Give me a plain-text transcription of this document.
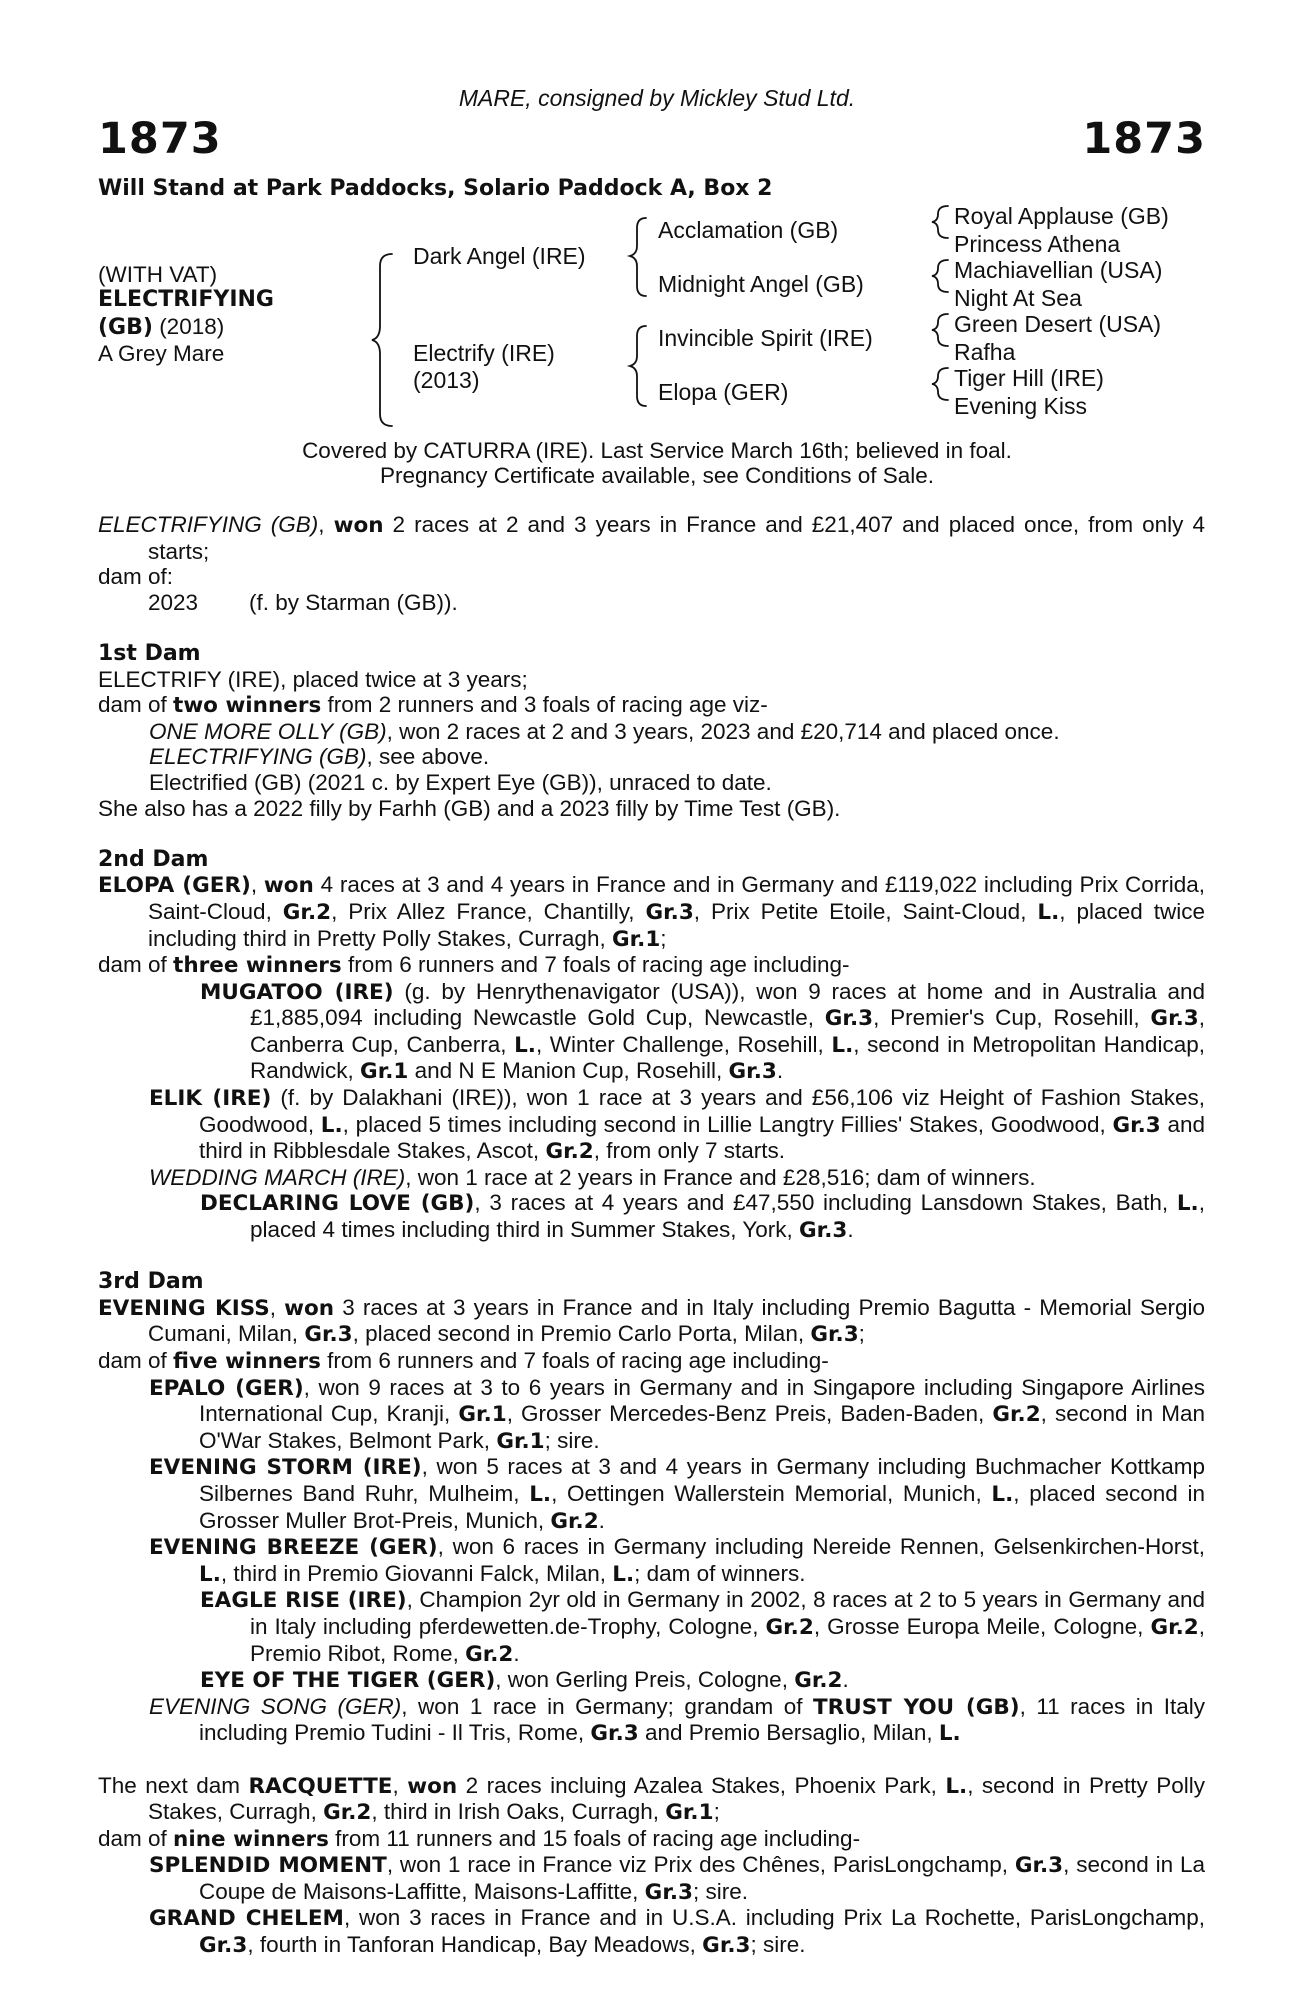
MARE, consigned by Mickley Stud Ltd.
1873	1873
Will Stand at Park Paddocks, Solario Paddock A, Box 2
(WITH VAT)
ELECTRIFYING
(GB) (2018)
A Grey Mare
Dark Angel (IRE)
Electrify (IRE)
(2013)
Acclamation (GB)
Midnight Angel (GB)
Invincible Spirit (IRE)
Elopa (GER)
Royal Applause (GB)
Princess Athena
Machiavellian (USA)
Night At Sea
Green Desert (USA)
Rafha
Tiger Hill (IRE)
Evening Kiss
Covered by CATURRA (IRE). Last Service March 16th; believed in foal.
Pregnancy Certificate available, see Conditions of Sale.

ELECTRIFYING (GB), won 2 races at 2 and 3 years in France and £21,407 and placed once, from only 4 starts;

dam of:

2023 (f. by Starman (GB)).

1st Dam

ELECTRIFY (IRE), placed twice at 3 years;

dam of two winners from 2 runners and 3 foals of racing age viz-

ONE MORE OLLY (GB), won 2 races at 2 and 3 years, 2023 and £20,714 and placed once.

ELECTRIFYING (GB), see above.

Electrified (GB) (2021 c. by Expert Eye (GB)), unraced to date.

She also has a 2022 filly by Farhh (GB) and a 2023 filly by Time Test (GB).

2nd Dam

ELOPA (GER), won 4 races at 3 and 4 years in France and in Germany and £119,022 including Prix Corrida, Saint-Cloud, Gr.2, Prix Allez France, Chantilly, Gr.3, Prix Petite Etoile, Saint-Cloud, L., placed twice including third in Pretty Polly Stakes, Curragh, Gr.1;

dam of three winners from 6 runners and 7 foals of racing age including-

MUGATOO (IRE) (g. by Henrythenavigator (USA)), won 9 races at home and in Australia and £1,885,094 including Newcastle Gold Cup, Newcastle, Gr.3, Premier's Cup, Rosehill, Gr.3, Canberra Cup, Canberra, L., Winter Challenge, Rosehill, L., second in Metropolitan Handicap, Randwick, Gr.1 and N E Manion Cup, Rosehill, Gr.3.

ELIK (IRE) (f. by Dalakhani (IRE)), won 1 race at 3 years and £56,106 viz Height of Fashion Stakes, Goodwood, L., placed 5 times including second in Lillie Langtry Fillies' Stakes, Goodwood, Gr.3 and third in Ribblesdale Stakes, Ascot, Gr.2, from only 7 starts.

WEDDING MARCH (IRE), won 1 race at 2 years in France and £28,516; dam of winners.

DECLARING LOVE (GB), 3 races at 4 years and £47,550 including Lansdown Stakes, Bath, L., placed 4 times including third in Summer Stakes, York, Gr.3.

3rd Dam

EVENING KISS, won 3 races at 3 years in France and in Italy including Premio Bagutta - Memorial Sergio Cumani, Milan, Gr.3, placed second in Premio Carlo Porta, Milan, Gr.3;

dam of five winners from 6 runners and 7 foals of racing age including-

EPALO (GER), won 9 races at 3 to 6 years in Germany and in Singapore including Singapore Airlines International Cup, Kranji, Gr.1, Grosser Mercedes-Benz Preis, Baden-Baden, Gr.2, second in Man O'War Stakes, Belmont Park, Gr.1; sire.

EVENING STORM (IRE), won 5 races at 3 and 4 years in Germany including Buchmacher Kottkamp Silbernes Band Ruhr, Mulheim, L., Oettingen Wallerstein Memorial, Munich, L., placed second in Grosser Muller Brot-Preis, Munich, Gr.2.

EVENING BREEZE (GER), won 6 races in Germany including Nereide Rennen, Gelsenkirchen-Horst, L., third in Premio Giovanni Falck, Milan, L.; dam of winners.

EAGLE RISE (IRE), Champion 2yr old in Germany in 2002, 8 races at 2 to 5 years in Germany and in Italy including pferdewetten.de-Trophy, Cologne, Gr.2, Grosse Europa Meile, Cologne, Gr.2, Premio Ribot, Rome, Gr.2.

EYE OF THE TIGER (GER), won Gerling Preis, Cologne, Gr.2.

EVENING SONG (GER), won 1 race in Germany; grandam of TRUST YOU (GB), 11 races in Italy including Premio Tudini - Il Tris, Rome, Gr.3 and Premio Bersaglio, Milan, L.

The next dam RACQUETTE, won 2 races incluing Azalea Stakes, Phoenix Park, L., second in Pretty Polly Stakes, Curragh, Gr.2, third in Irish Oaks, Curragh, Gr.1;

dam of nine winners from 11 runners and 15 foals of racing age including-

SPLENDID MOMENT, won 1 race in France viz Prix des Chênes, ParisLongchamp, Gr.3, second in La Coupe de Maisons-Laffitte, Maisons-Laffitte, Gr.3; sire.

GRAND CHELEM, won 3 races in France and in U.S.A. including Prix La Rochette, ParisLongchamp, Gr.3, fourth in Tanforan Handicap, Bay Meadows, Gr.3; sire.
